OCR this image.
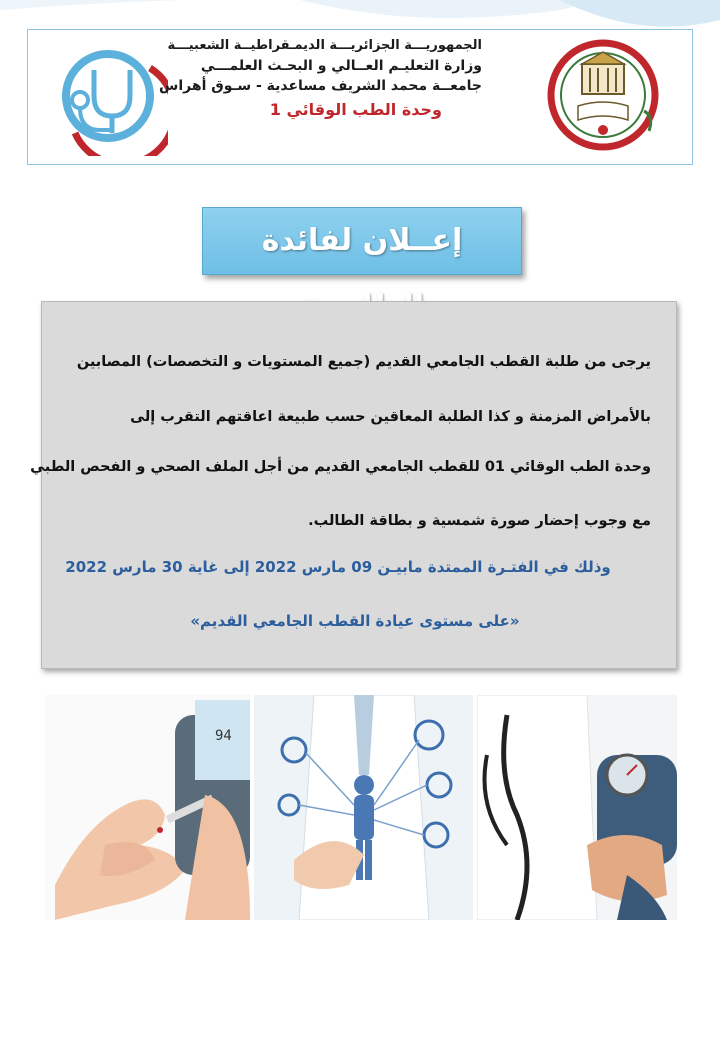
الجمهوريـــة الجزائريـــة الديمـقراطيــة الشعبيـــة
وزارة التعليـم العــالي و البحـث العلمـــي
جامعــة محمد الشريف مساعدية - سـوق أهراس
وحدة الطب الوقائي 1
إعــلان لفائدة
يرجى من طلبة القطب الجامعي القديم (جميع المستويات و التخصصات) المصابين
بالأمراض المزمنة و كذا الطلبة المعاقين حسب طبيعة اعاقتهم التقرب إلى
وحدة الطب الوقائي 01 للقطب الجامعي القديم من أجل الملف الصحي و الفحص الطبي
مع وجوب إحضار صورة شمسية و بطاقة الطالب.
وذلك في الفتـرة الممتدة مابيـن 09 مارس 2022 إلى غاية 30 مارس 2022
«على مستوى عيادة القطب الجامعي القديم»
94
